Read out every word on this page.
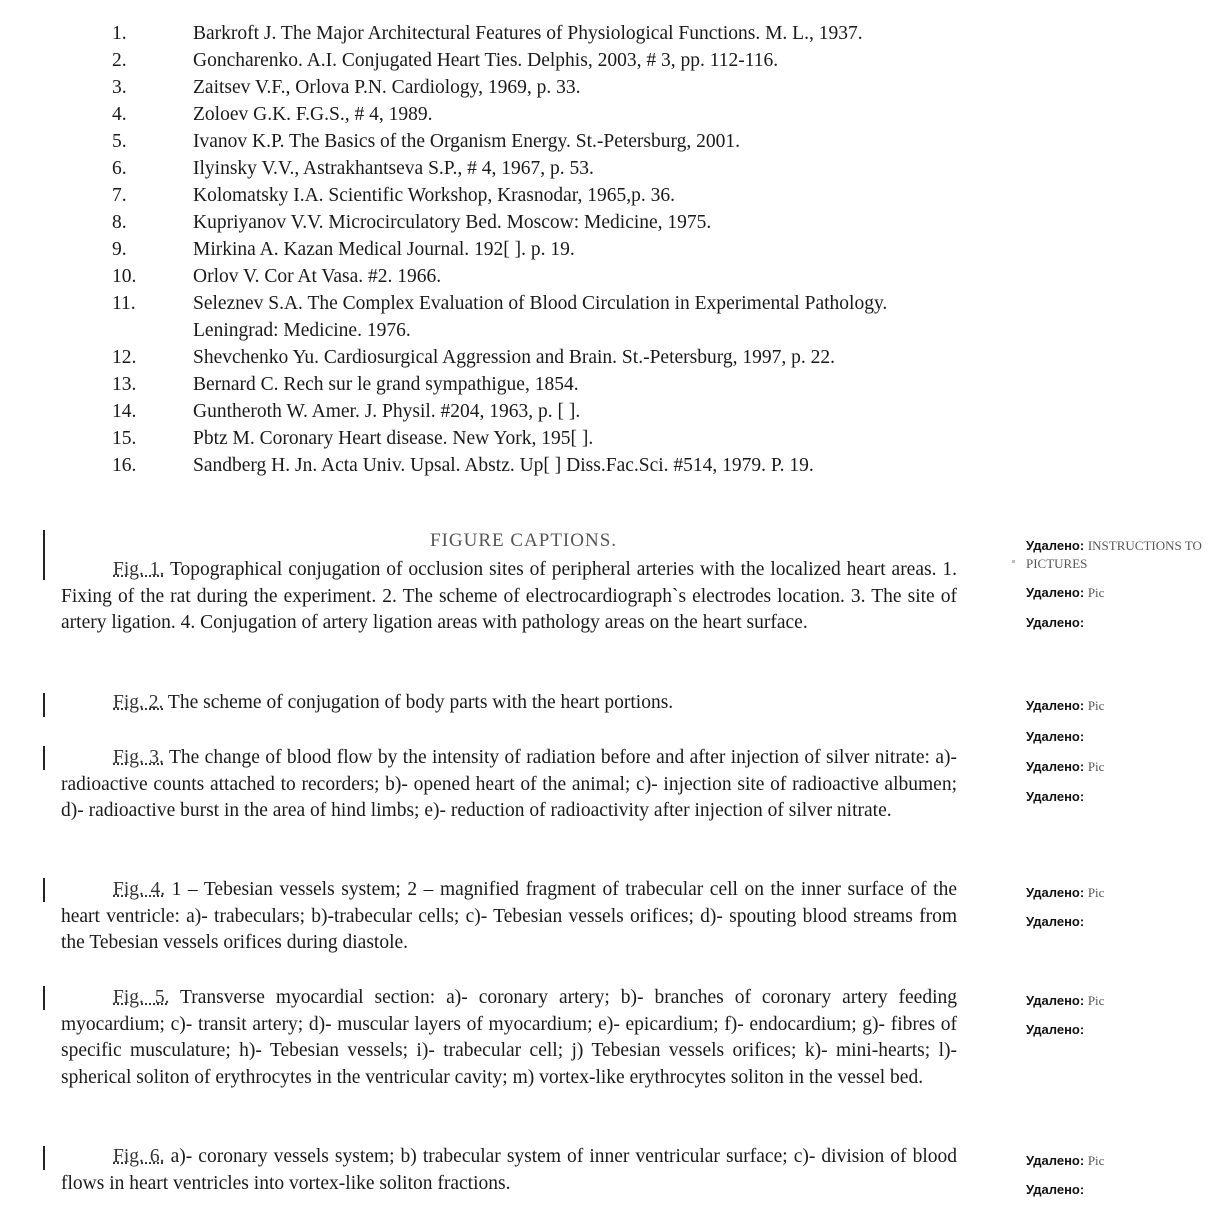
1.	Barkroft J. The Major Architectural Features of Physiological Functions. M. L., 1937.
2.	Goncharenko. A.I. Conjugated Heart Ties. Delphis, 2003, # 3, pp. 112-116.
3.	Zaitsev V.F., Orlova P.N. Cardiology, 1969, p. 33.
4.	Zoloev G.K. F.G.S., # 4, 1989.
5.	Ivanov K.P. The Basics of the Organism Energy. St.-Petersburg, 2001.
6.	Ilyinsky V.V., Astrakhantseva S.P., # 4, 1967, p. 53.
7.	Kolomatsky I.A. Scientific Workshop, Krasnodar, 1965,p. 36.
8.	Kupriyanov V.V. Microcirculatory Bed. Moscow: Medicine, 1975.
9.	Mirkina A. Kazan Medical Journal. 192[ ]. p. 19.
10.	Orlov V. Cor At Vasa. #2. 1966.
11.	Seleznev S.A. The Complex Evaluation of Blood Circulation in Experimental Pathology. Leningrad: Medicine. 1976.
12.	Shevchenko Yu. Cardiosurgical Aggression and Brain. St.-Petersburg, 1997, p. 22.
13.	Bernard C. Rech sur le grand sympathigue, 1854.
14.	Guntheroth W. Amer. J. Physil. #204, 1963, p. [ ].
15.	Pbtz M. Coronary Heart disease. New York, 195[ ].
16.	Sandberg H. Jn. Acta Univ. Upsal. Abstz. Up[ ] Diss.Fac.Sci. #514, 1979. P. 19.
FIGURE CAPTIONS.
Fig. 1. Topographical conjugation of occlusion sites of peripheral arteries with the localized heart areas. 1. Fixing of the rat during the experiment. 2. The scheme of electrocardiograph`s electrodes location. 3. The site of artery ligation. 4. Conjugation of artery ligation areas with pathology areas on the heart surface.
Fig. 2. The scheme of conjugation of body parts with the heart portions.
Fig. 3. The change of blood flow by the intensity of radiation before and after injection of silver nitrate: a)- radioactive counts attached to recorders; b)- opened heart of the animal; c)- injection site of radioactive albumen; d)- radioactive burst in the area of hind limbs; e)- reduction of radioactivity after injection of silver nitrate.
Fig. 4. 1 – Tebesian vessels system; 2 – magnified fragment of trabecular cell on the inner surface of the heart ventricle: a)- trabeculars; b)-trabecular cells; c)- Tebesian vessels orifices; d)- spouting blood streams from the Tebesian vessels orifices during diastole.
Fig. 5. Transverse myocardial section: a)- coronary artery; b)- branches of coronary artery feeding myocardium; c)- transit artery; d)- muscular layers of myocardium; e)- epicardium; f)- endocardium; g)- fibres of specific musculature; h)- Tebesian vessels; i)- trabecular cell; j) Tebesian vessels orifices; k)- mini-hearts; l)- spherical soliton of erythrocytes in the ventricular cavity; m) vortex-like erythrocytes soliton in the vessel bed.
Fig. 6. a)- coronary vessels system; b) trabecular system of inner ventricular surface; c)- division of blood flows in heart ventricles into vortex-like soliton fractions.
Удалено: INSTRUCTIONS TO
PICTURES
Удалено: Pic
Удалено:
Удалено: Pic
Удалено:
Удалено: Pic
Удалено:
Удалено: Pic
Удалено:
Удалено: Pic
Удалено:
Удалено: Pic
Удалено:
